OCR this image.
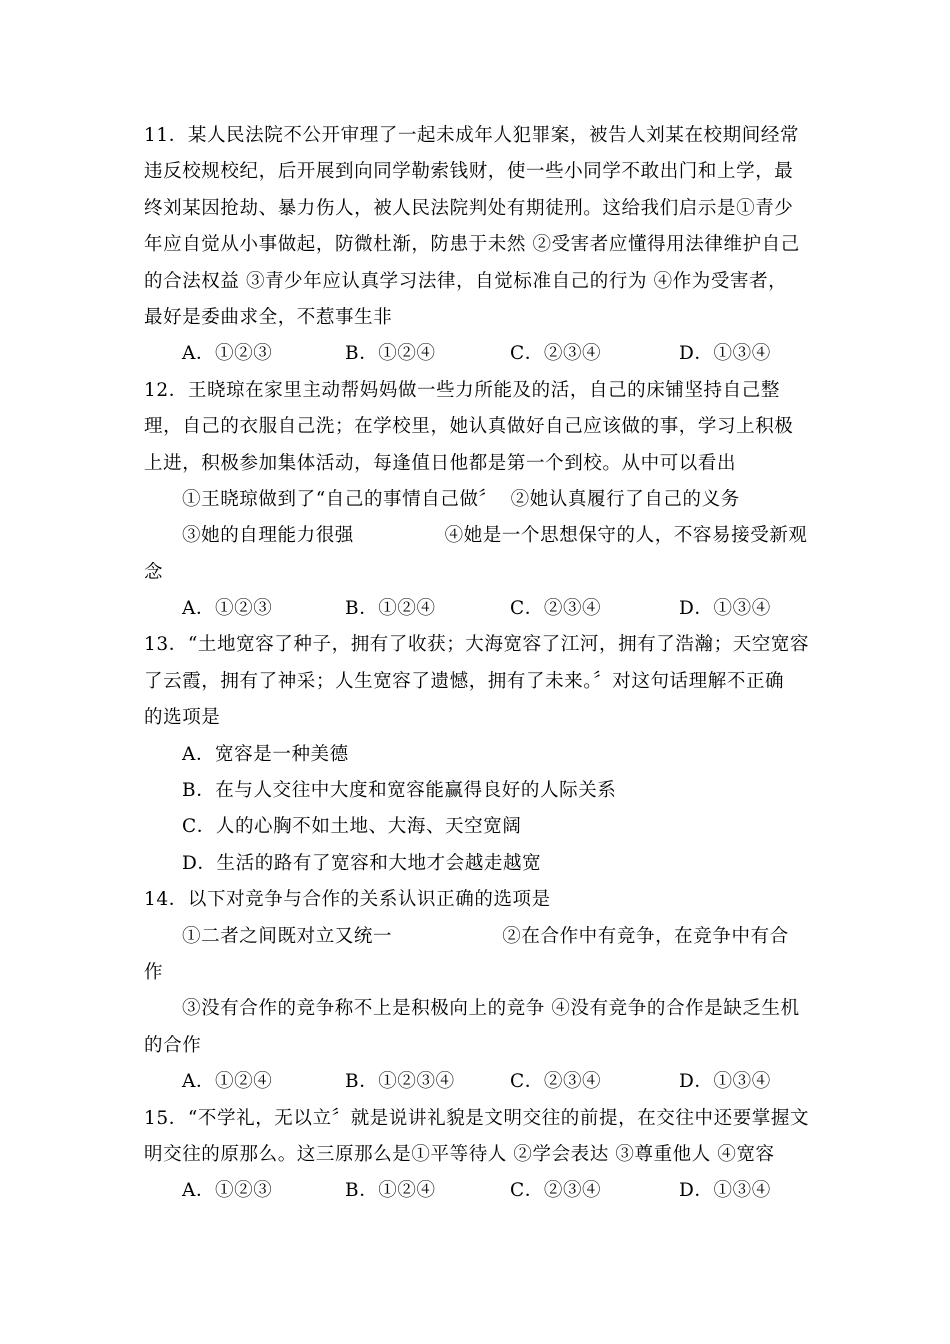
11．某人民法院不公开审理了一起未成年人犯罪案，被告人刘某在校期间经常
违反校规校纪，后开展到向同学勒索钱财，使一些小同学不敢出门和上学，最
终刘某因抢劫、暴力伤人，被人民法院判处有期徒刑。这给我们启示是①青少
年应自觉从小事做起，防微杜渐，防患于未然 ②受害者应懂得用法律维护自己
的合法权益 ③青少年应认真学习法律，自觉标准自己的行为 ④作为受害者，
最好是委曲求全，不惹事生非
A．①②③	B．①②④	C．②③④	D．①③④
12．王晓琼在家里主动帮妈妈做一些力所能及的活，自己的床铺坚持自己整
理，自己的衣服自己洗；在学校里，她认真做好自己应该做的事，学习上积极
上进，积极参加集体活动，每逢值日他都是第一个到校。从中可以看出
①王晓琼做到了“自己的事情自己做〞  ②她认真履行了自己的义务
③她的自理能力很强              ④她是一个思想保守的人，不容易接受新观
念
A．①②③	B．①②④	C．②③④	D．①③④
13．“土地宽容了种子，拥有了收获；大海宽容了江河，拥有了浩瀚；天空宽容
了云霞，拥有了神采；人生宽容了遗憾，拥有了未来。〞对这句话理解不正确
的选项是
A．宽容是一种美德
B．在与人交往中大度和宽容能赢得良好的人际关系
C．人的心胸不如土地、大海、天空宽阔
D．生活的路有了宽容和大地才会越走越宽
14．以下对竞争与合作的关系认识正确的选项是
①二者之间既对立又统一                 ②在合作中有竞争，在竞争中有合
作
③没有合作的竞争称不上是积极向上的竞争 ④没有竞争的合作是缺乏生机
的合作
A．①②④	B．①②③④	C．②③④	D．①③④
15．“不学礼，无以立〞就是说讲礼貌是文明交往的前提，在交往中还要掌握文
明交往的原那么。这三原那么是①平等待人 ②学会表达 ③尊重他人 ④宽容
A．①②③	B．①②④	C．②③④	D．①③④
